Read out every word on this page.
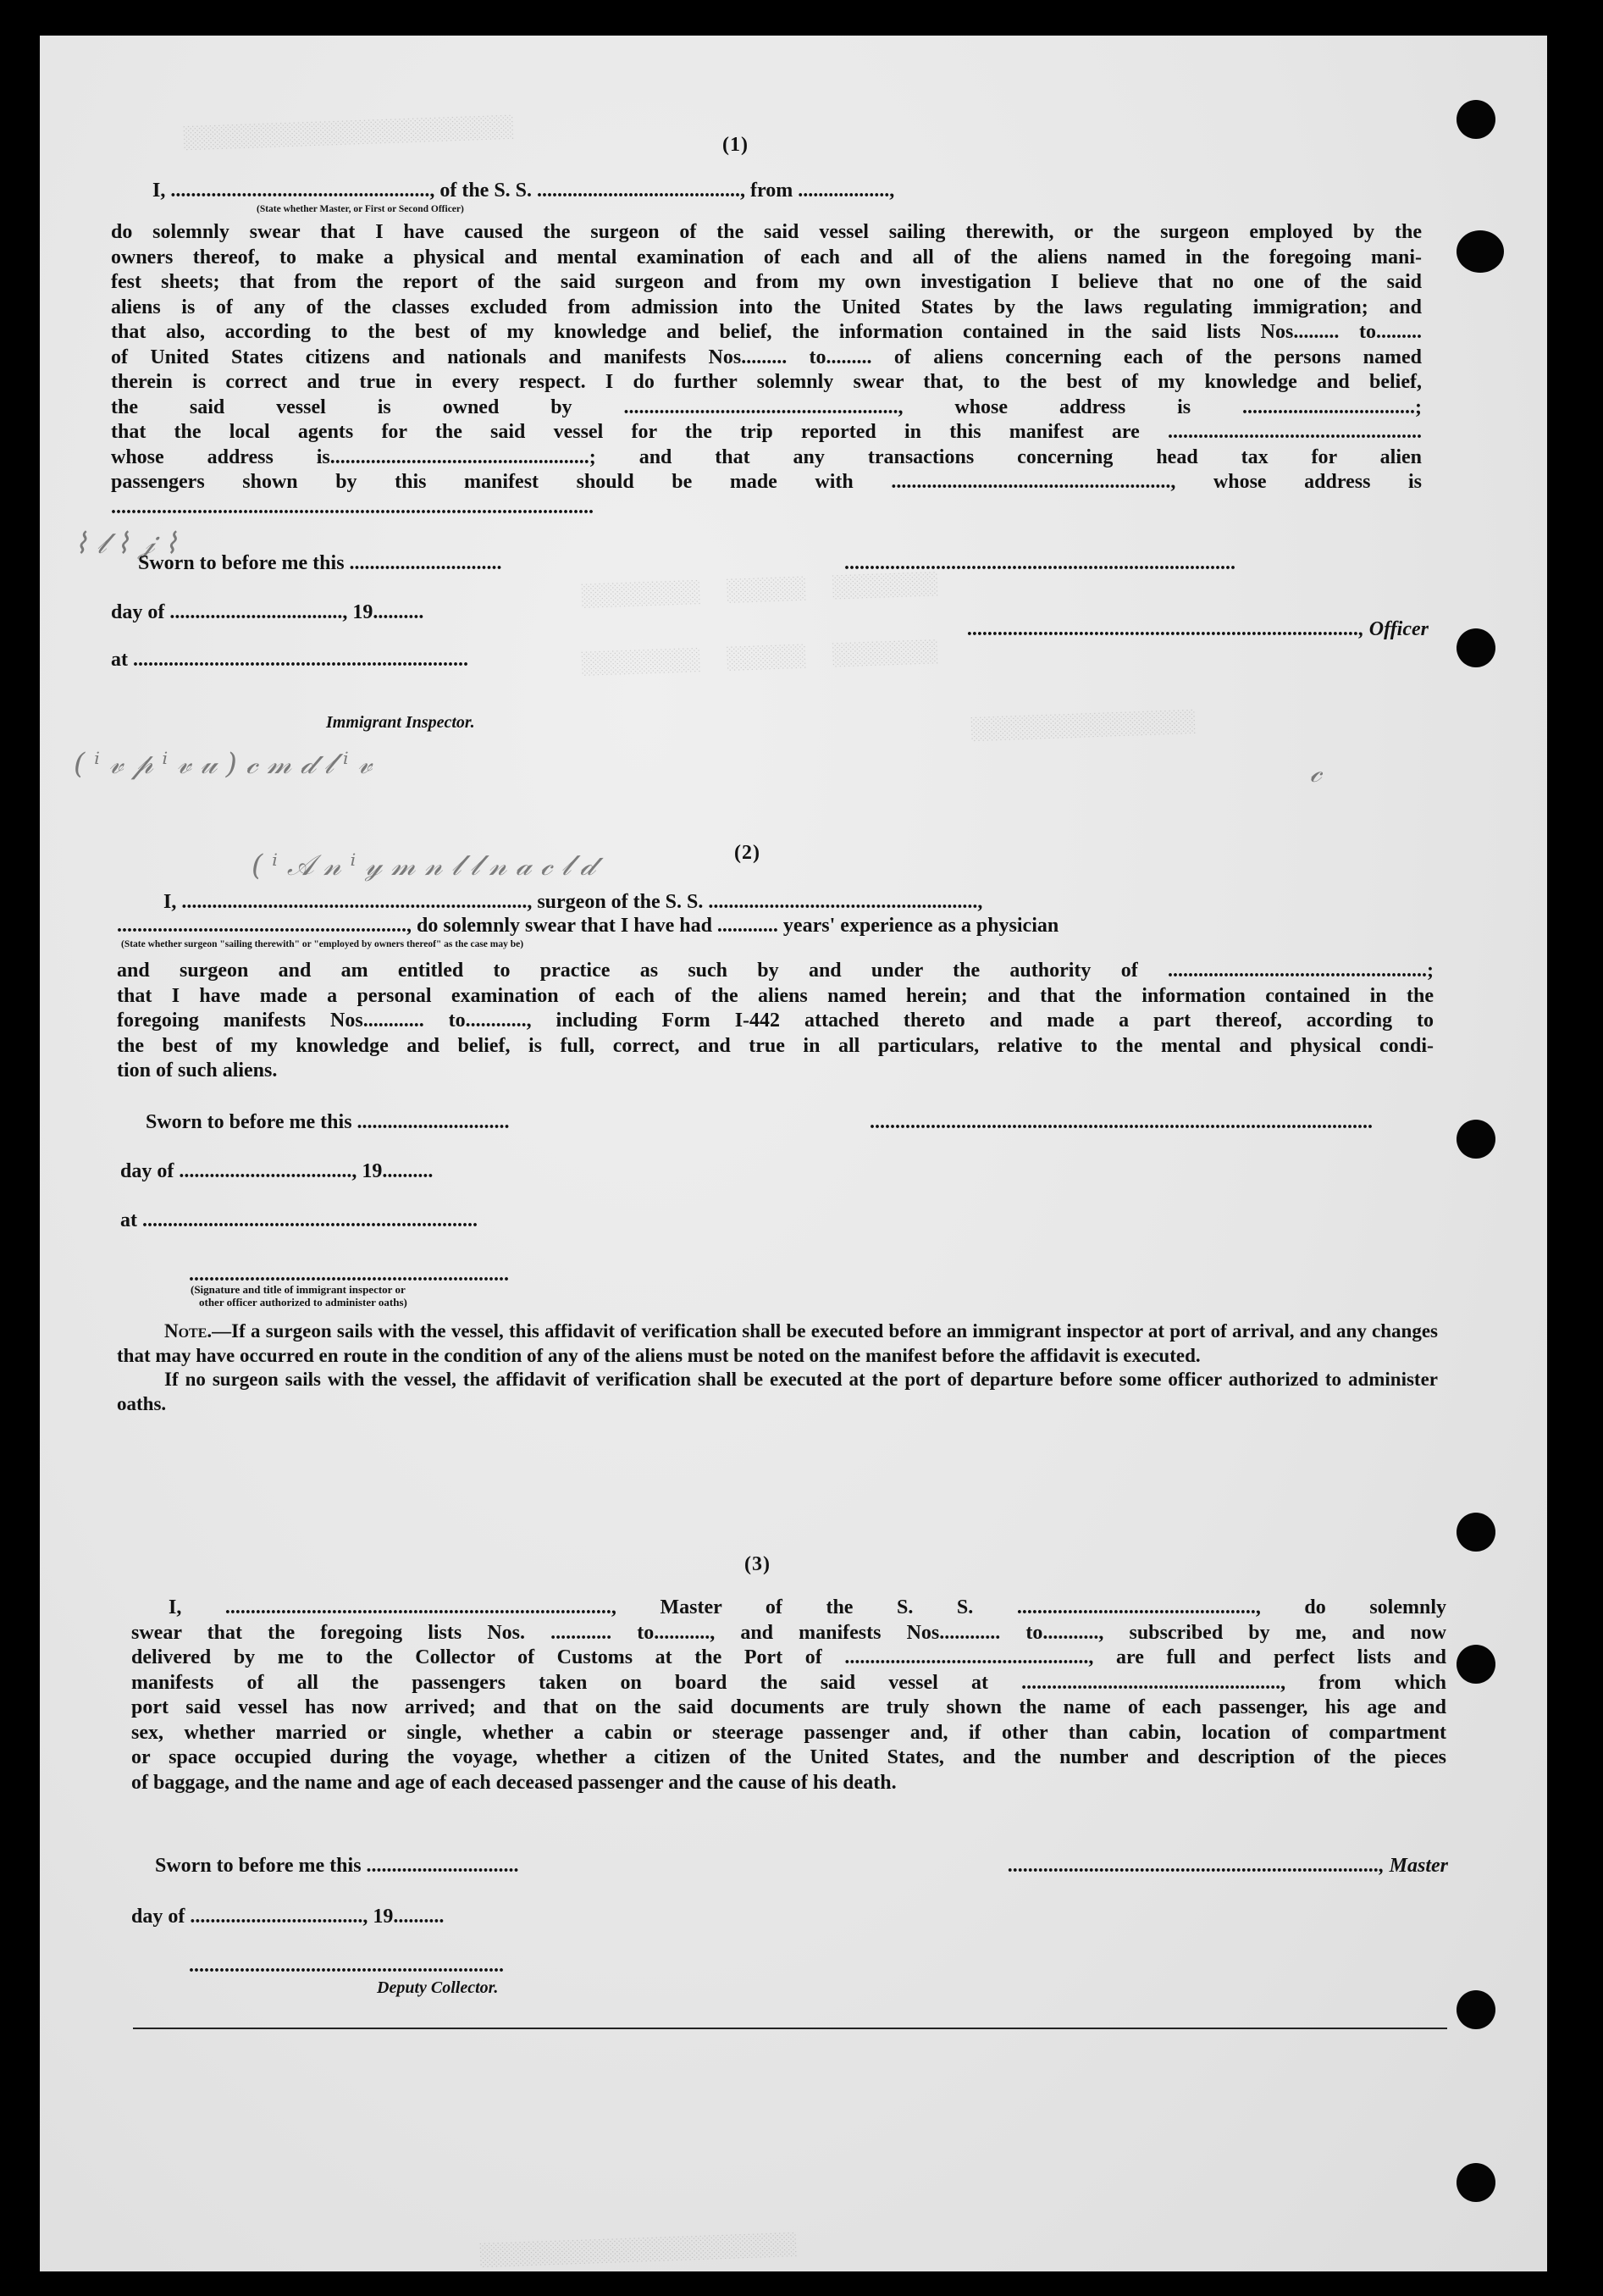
░░░░░░░░░░░░░░░░░░░░░░░░░
░░░░░░░░░  ░░░░░░  ░░░░░░░░
░░░░░░░░░  ░░░░░░  ░░░░░░░░
░░░░░░░░░░░░░░░░░
░░░░░░░░░░░░░░░░░░░░░░░░
⌇ 𝓁 ⌇ 𝒿 ⌇
( ⁱ 𝓋 𝓅 ⁱ 𝓋 𝓊 ) 𝒸 𝓂 𝒹 𝓁 ⁱ 𝓋
( ⁱ 𝒜 𝓃 ⁱ 𝓎 𝓂 𝓃 𝓁 𝓁 𝓃 𝒶 𝒸 𝓁 𝒹
𝒸
(1)
I, ..................................................., of the S. S. ........................................, from ..................,
(State whether Master, or First or Second Officer)

do solemnly swear that I have caused the surgeon of the said vessel sailing therewith, or the surgeon employed by the

owners thereof, to make a physical and mental examination of each and all of the aliens named in the foregoing mani-

fest sheets; that from the report of the said surgeon and from my own investigation I believe that no one of the said

aliens is of any of the classes excluded from admission into the United States by the laws regulating immigration; and

that also, according to the best of my knowledge and belief, the information contained in the said lists Nos......... to.........

of United States citizens and nationals and manifests Nos......... to......... of aliens concerning each of the persons named

therein is correct and true in every respect. I do further solemnly swear that, to the best of my knowledge and belief,

the said vessel is owned by ......................................................, whose address is ..................................;

that the local agents for the said vessel for the trip reported in this manifest are ..................................................

whose address is...................................................; and that any transactions concerning head tax for alien

passengers shown by this manifest should be made with ......................................................., whose address is

...............................................................................................

Sworn to before me this ..............................	.............................................................................
day of .................................., 19..........
............................................................................., Officer
at ..................................................................
Immigrant Inspector.
(2)
I, ...................................................................., surgeon of the S. S. .....................................................,
........................................................., do solemnly swear that I have had ............ years' experience as a physician
(State whether surgeon "sailing therewith" or "employed by owners thereof" as the case may be)

and surgeon and am entitled to practice as such by and under the authority of ...................................................;

that I have made a personal examination of each of the aliens named herein; and that the information contained in the

foregoing manifests Nos............ to............, including Form I-442 attached thereto and made a part thereof, according to

the best of my knowledge and belief, is full, correct, and true in all particulars, relative to the mental and physical condi-

tion of such aliens.

Sworn to before me this ..............................	...................................................................................................
day of .................................., 19..........
at ..................................................................
...............................................................
(Signature and title of immigrant inspector or
other officer authorized to administer oaths)

Note.—If a surgeon sails with the vessel, this affidavit of verification shall be executed before an immigrant inspector at port of arrival, and any changes that may have occurred en route in the condition of any of the aliens must be noted on the manifest before the affidavit is executed.

If no surgeon sails with the vessel, the affidavit of verification shall be executed at the port of departure before some officer authorized to administer oaths.

(3)

I, ............................................................................, Master of the S. S. ..............................................., do solemnly

swear that the foregoing lists Nos. ............ to..........., and manifests Nos............ to..........., subscribed by me, and now

delivered by me to the Collector of Customs at the Port of ................................................, are full and perfect lists and

manifests of all the passengers taken on board the said vessel at ..................................................., from which

port said vessel has now arrived; and that on the said documents are truly shown the name of each passenger, his age and

sex, whether married or single, whether a cabin or steerage passenger and, if other than cabin, location of compartment

or space occupied during the voyage, whether a citizen of the United States, and the number and description of the pieces

of baggage, and the name and age of each deceased passenger and the cause of his death.

Sworn to before me this ..............................	........................................................................., Master
day of .................................., 19..........
..............................................................
Deputy Collector.
